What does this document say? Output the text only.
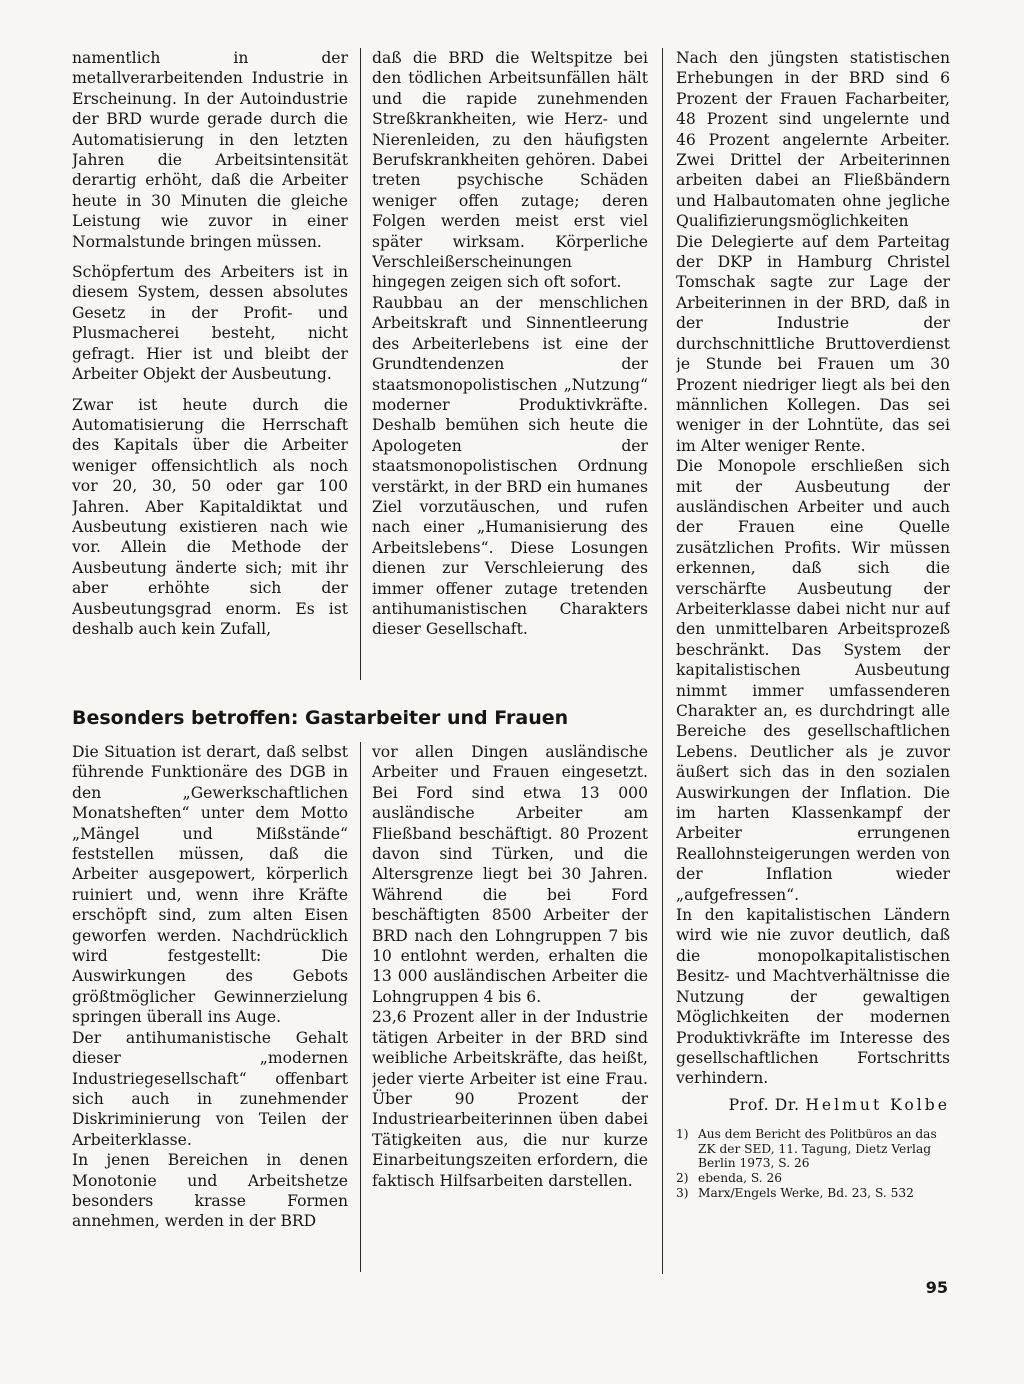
namentlich in der metallverarbeitenden Industrie in Erscheinung. In der Autoindustrie der BRD wurde gerade durch die Automatisierung in den letzten Jahren die Arbeitsintensität derartig erhöht, daß die Arbeiter heute in 30 Minuten die gleiche Leistung wie zuvor in einer Normalstunde bringen müssen.

Schöpfertum des Arbeiters ist in diesem System, dessen absolutes Gesetz in der Profit- und Plusmacherei besteht, nicht gefragt. Hier ist und bleibt der Arbeiter Objekt der Ausbeutung.

Zwar ist heute durch die Automatisierung die Herrschaft des Kapitals über die Arbeiter weniger offensichtlich als noch vor 20, 30, 50 oder gar 100 Jahren. Aber Kapitaldiktat und Ausbeutung existieren nach wie vor. Allein die Methode der Ausbeutung änderte sich; mit ihr aber erhöhte sich der Ausbeutungsgrad enorm. Es ist deshalb auch kein Zufall,

daß die BRD die Weltspitze bei den tödlichen Arbeitsunfällen hält und die rapide zunehmenden Streßkrankheiten, wie Herz- und Nierenleiden, zu den häufigsten Berufskrankheiten gehören. Dabei treten psychische Schäden weniger offen zutage; deren Folgen werden meist erst viel später wirksam. Körperliche Verschleißerscheinungen hingegen zeigen sich oft sofort.

Raubbau an der menschlichen Arbeitskraft und Sinnentleerung des Arbeiterlebens ist eine der Grundtendenzen der staatsmonopolistischen „Nutzung“ moderner Produktivkräfte. Deshalb bemühen sich heute die Apologeten der staatsmonopolistischen Ordnung verstärkt, in der BRD ein humanes Ziel vorzutäuschen, und rufen nach einer „Humanisierung des Arbeitslebens“. Diese Losungen dienen zur Verschleierung des immer offener zutage tretenden antihumanistischen Charakters dieser Gesellschaft.

Nach den jüngsten statistischen Erhebungen in der BRD sind 6 Prozent der Frauen Facharbeiter, 48 Prozent sind ungelernte und 46 Prozent angelernte Arbeiter. Zwei Drittel der Arbeiterinnen arbeiten dabei an Fließbändern und Halbautomaten ohne jegliche Qualifizierungsmöglichkeiten

Die Delegierte auf dem Parteitag der DKP in Hamburg Christel Tomschak sagte zur Lage der Arbeiterinnen in der BRD, daß in der Industrie der durchschnittliche Bruttoverdienst je Stunde bei Frauen um 30 Prozent niedriger liegt als bei den männlichen Kollegen. Das sei weniger in der Lohntüte, das sei im Alter weniger Rente.

Die Monopole erschließen sich mit der Ausbeutung der ausländischen Arbeiter und auch der Frauen eine Quelle zusätzlichen Profits. Wir müssen erkennen, daß sich die verschärfte Ausbeutung der Arbeiterklasse dabei nicht nur auf den unmittelbaren Arbeitsprozeß beschränkt. Das System der kapitalistischen Ausbeutung nimmt immer umfassenderen Charakter an, es durchdringt alle Bereiche des gesellschaftlichen Lebens. Deutlicher als je zuvor äußert sich das in den sozialen Auswirkungen der Inflation. Die im harten Klassenkampf der Arbeiter errungenen Reallohnsteigerungen werden von der Inflation wieder „aufgefressen“.

In den kapitalistischen Ländern wird wie nie zuvor deutlich, daß die monopolkapitalistischen Besitz- und Machtverhältnisse die Nutzung der gewaltigen Möglichkeiten der modernen Produktivkräfte im Interesse des gesellschaftlichen Fortschritts verhindern.

Prof. Dr. Helmut Kolbe

1) Aus dem Bericht des Politbüros an das ZK der SED, 11. Tagung, Dietz Verlag Berlin 1973, S. 26
2) ebenda, S. 26
3) Marx/Engels Werke, Bd. 23, S. 532
Besonders betroffen: Gastarbeiter und Frauen

Die Situation ist derart, daß selbst führende Funktionäre des DGB in den „Gewerkschaftlichen Monatsheften“ unter dem Motto „Mängel und Mißstände“ feststellen müssen, daß die Arbeiter ausgepowert, körperlich ruiniert und, wenn ihre Kräfte erschöpft sind, zum alten Eisen geworfen werden. Nachdrücklich wird festgestellt: Die Auswirkungen des Gebots größtmöglicher Gewinnerzielung springen überall ins Auge.

Der antihumanistische Gehalt dieser „modernen Industriegesellschaft“ offenbart sich auch in zunehmender Diskriminierung von Teilen der Arbeiterklasse.

In jenen Bereichen in denen Monotonie und Arbeitshetze besonders krasse Formen annehmen, werden in der BRD

vor allen Dingen ausländische Arbeiter und Frauen eingesetzt. Bei Ford sind etwa 13 000 ausländische Arbeiter am Fließband beschäftigt. 80 Prozent davon sind Türken, und die Altersgrenze liegt bei 30 Jahren. Während die bei Ford beschäftigten 8500 Arbeiter der BRD nach den Lohngruppen 7 bis 10 entlohnt werden, erhalten die 13 000 ausländischen Arbeiter die Lohngruppen 4 bis 6.

23,6 Prozent aller in der Industrie tätigen Arbeiter in der BRD sind weibliche Arbeitskräfte, das heißt, jeder vierte Arbeiter ist eine Frau. Über 90 Prozent der Industriearbeiterinnen üben dabei Tätigkeiten aus, die nur kurze Einarbeitungszeiten erfordern, die faktisch Hilfsarbeiten darstellen.

95
